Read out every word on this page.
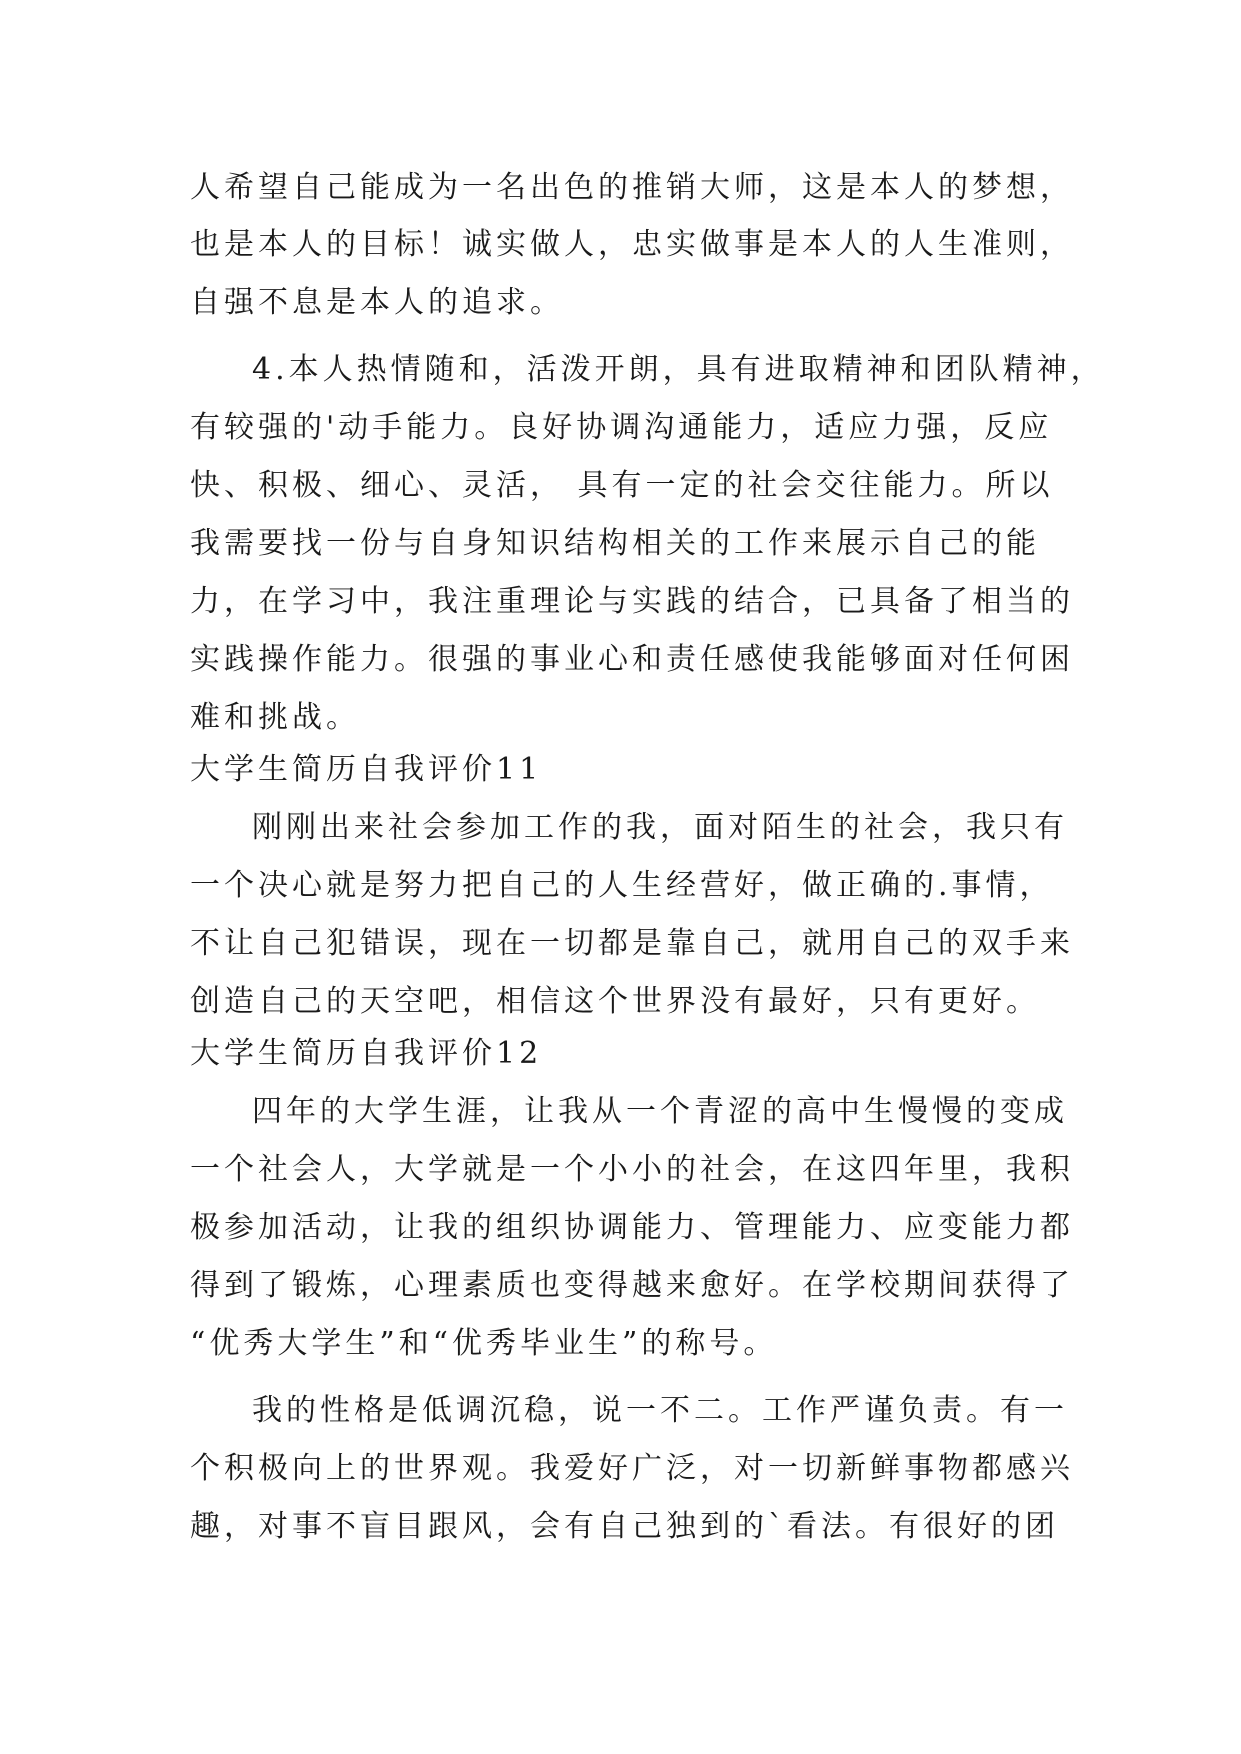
人希望自己能成为一名出色的推销大师，这是本人的梦想，
也是本人的目标！诚实做人，忠实做事是本人的人生准则，
自强不息是本人的追求。
4.本人热情随和，活泼开朗，具有进取精神和团队精神，
有较强的'动手能力。良好协调沟通能力，适应力强，反应
快、积极、细心、灵活， 具有一定的社会交往能力。所以
我需要找一份与自身知识结构相关的工作来展示自己的能
力，在学习中，我注重理论与实践的结合，已具备了相当的
实践操作能力。很强的事业心和责任感使我能够面对任何困
难和挑战。
大学生简历自我评价11
刚刚出来社会参加工作的我，面对陌生的社会，我只有
一个决心就是努力把自己的人生经营好，做正确的.事情，
不让自己犯错误，现在一切都是靠自己，就用自己的双手来
创造自己的天空吧，相信这个世界没有最好，只有更好。
大学生简历自我评价12
四年的大学生涯，让我从一个青涩的高中生慢慢的变成
一个社会人，大学就是一个小小的社会，在这四年里，我积
极参加活动，让我的组织协调能力、管理能力、应变能力都
得到了锻炼，心理素质也变得越来愈好。在学校期间获得了
“优秀大学生”和“优秀毕业生”的称号。
我的性格是低调沉稳，说一不二。工作严谨负责。有一
个积极向上的世界观。我爱好广泛，对一切新鲜事物都感兴
趣，对事不盲目跟风，会有自己独到的`看法。有很好的团
